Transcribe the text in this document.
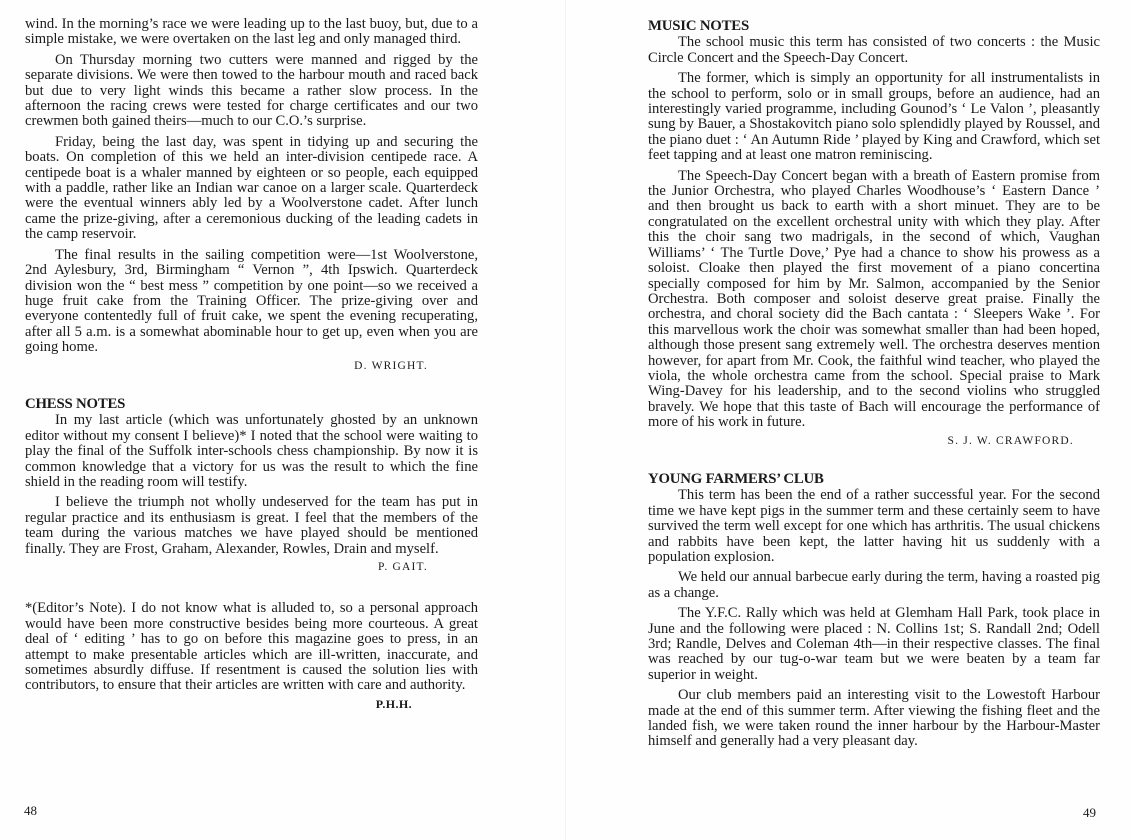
wind. In the morning’s race we were leading up to the last buoy, but, due to a simple mistake, we were overtaken on the last leg and only managed third.

On Thursday morning two cutters were manned and rigged by the separate divisions. We were then towed to the harbour mouth and raced back but due to very light winds this became a rather slow process. In the afternoon the racing crews were tested for charge certificates and our two crewmen both gained theirs—much to our C.O.’s surprise.

Friday, being the last day, was spent in tidying up and securing the boats. On completion of this we held an inter-division centipede race. A centipede boat is a whaler manned by eighteen or so people, each equipped with a paddle, rather like an Indian war canoe on a larger scale. Quarterdeck were the eventual winners ably led by a Woolverstone cadet. After lunch came the prize-giving, after a ceremonious ducking of the leading cadets in the camp reservoir.

The final results in the sailing competition were—1st Woolverstone, 2nd Aylesbury, 3rd, Birmingham “ Vernon ”, 4th Ipswich. Quarterdeck division won the “ best mess ” competition by one point—so we received a huge fruit cake from the Training Officer. The prize-giving over and everyone contentedly full of fruit cake, we spent the evening recuperating, after all 5 a.m. is a somewhat abominable hour to get up, even when you are going home.

D. WRIGHT.

CHESS NOTES

In my last article (which was unfortunately ghosted by an unknown editor without my consent I believe)* I noted that the school were waiting to play the final of the Suffolk inter-schools chess championship. By now it is common knowledge that a victory for us was the result to which the fine shield in the reading room will testify.

I believe the triumph not wholly undeserved for the team has put in regular practice and its enthusiasm is great. I feel that the members of the team during the various matches we have played should be mentioned finally. They are Frost, Graham, Alexander, Rowles, Drain and myself.

P. GAIT.

*(Editor’s Note). I do not know what is alluded to, so a personal approach would have been more constructive besides being more courteous. A great deal of ‘ editing ’ has to go on before this magazine goes to press, in an attempt to make presentable articles which are ill-written, inaccurate, and sometimes absurdly diffuse. If resentment is caused the solution lies with contributors, to ensure that their articles are written with care and authority.

P.H.H.

48
MUSIC NOTES

The school music this term has consisted of two concerts : the Music Circle Concert and the Speech-Day Concert.

The former, which is simply an opportunity for all instrumentalists in the school to perform, solo or in small groups, before an audience, had an interestingly varied programme, including Gounod’s ‘ Le Valon ’, pleasantly sung by Bauer, a Shostakovitch piano solo splendidly played by Roussel, and the piano duet : ‘ An Autumn Ride ’ played by King and Crawford, which set feet tapping and at least one matron reminiscing.

The Speech-Day Concert began with a breath of Eastern promise from the Junior Orchestra, who played Charles Woodhouse’s ‘ Eastern Dance ’ and then brought us back to earth with a short minuet. They are to be congratulated on the excellent orchestral unity with which they play. After this the choir sang two madrigals, in the second of which, Vaughan Williams’ ‘ The Turtle Dove,’ Pye had a chance to show his prowess as a soloist. Cloake then played the first movement of a piano concertina specially composed for him by Mr. Salmon, accompanied by the Senior Orchestra. Both composer and soloist deserve great praise. Finally the orchestra, and choral society did the Bach cantata : ‘ Sleepers Wake ’. For this marvellous work the choir was somewhat smaller than had been hoped, although those present sang extremely well. The orchestra deserves mention however, for apart from Mr. Cook, the faithful wind teacher, who played the viola, the whole orchestra came from the school. Special praise to Mark Wing-Davey for his leadership, and to the second violins who struggled bravely. We hope that this taste of Bach will encourage the performance of more of his work in future.

S. J. W. CRAWFORD.

YOUNG FARMERS’ CLUB

This term has been the end of a rather successful year. For the second time we have kept pigs in the summer term and these certainly seem to have survived the term well except for one which has arthritis. The usual chickens and rabbits have been kept, the latter having hit us suddenly with a population explosion.

We held our annual barbecue early during the term, having a roasted pig as a change.

The Y.F.C. Rally which was held at Glemham Hall Park, took place in June and the following were placed : N. Collins 1st; S. Randall 2nd; Odell 3rd; Randle, Delves and Coleman 4th—in their respective classes. The final was reached by our tug-o-war team but we were beaten by a team far superior in weight.

Our club members paid an interesting visit to the Lowestoft Harbour made at the end of this summer term. After viewing the fishing fleet and the landed fish, we were taken round the inner harbour by the Harbour-Master himself and generally had a very pleasant day.

49
